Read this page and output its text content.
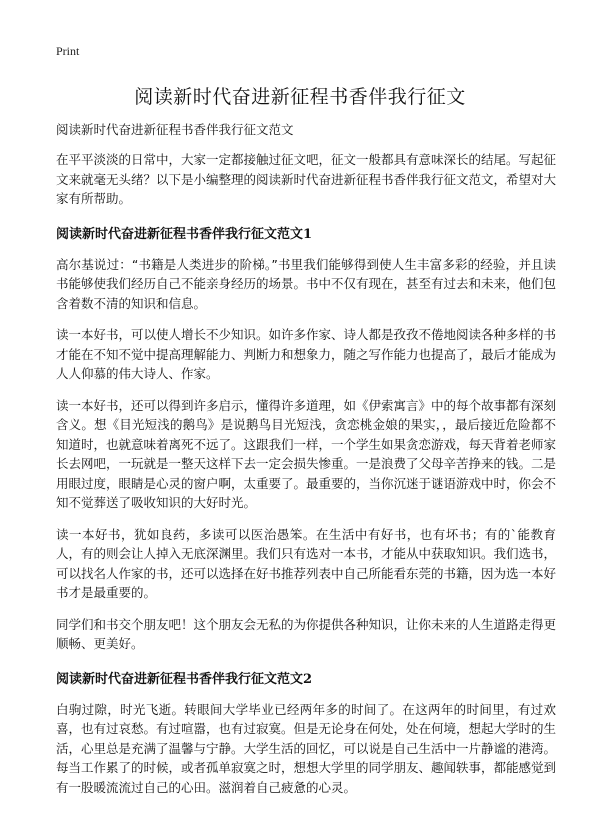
Print
阅读新时代奋进新征程书香伴我行征文
阅读新时代奋进新征程书香伴我行征文范文

在平平淡淡的日常中，大家一定都接触过征文吧，征文一般都具有意味深长的结尾。写起征文来就毫无头绪？以下是小编整理的阅读新时代奋进新征程书香伴我行征文范文，希望对大家有所帮助。

阅读新时代奋进新征程书香伴我行征文范文1

高尔基说过：“书籍是人类进步的阶梯。”书里我们能够得到使人生丰富多彩的经验，并且读书能够使我们经历自己不能亲身经历的场景。书中不仅有现在，甚至有过去和未来，他们包含着数不清的知识和信息。

读一本好书，可以使人增长不少知识。如许多作家、诗人都是孜孜不倦地阅读各种多样的书才能在不知不觉中提高理解能力、判断力和想象力，随之写作能力也提高了，最后才能成为人人仰慕的伟大诗人、作家。

读一本好书，还可以得到许多启示，懂得许多道理，如《伊索寓言》中的每个故事都有深刻含义。想《目光短浅的鹅鸟》是说鹅鸟目光短浅，贪恋桃金娘的果实，，最后接近危险都不知道时，也就意味着离死不远了。这跟我们一样，一个学生如果贪恋游戏，每天背着老师家长去网吧，一玩就是一整天这样下去一定会损失惨重。一是浪费了父母辛苦挣来的钱。二是用眼过度，眼睛是心灵的窗户啊，太重要了。最重要的，当你沉迷于谜语游戏中时，你会不知不觉葬送了吸收知识的大好时光。

读一本好书，犹如良药，多读可以医治愚笨。在生活中有好书，也有坏书；有的`能教育人，有的则会让人掉入无底深渊里。我们只有选对一本书，才能从中获取知识。我们选书，可以找名人作家的书，还可以选择在好书推荐列表中自己所能看东莞的书籍，因为选一本好书才是最重要的。

同学们和书交个朋友吧！这个朋友会无私的为你提供各种知识，让你未来的人生道路走得更顺畅、更美好。

阅读新时代奋进新征程书香伴我行征文范文2

白驹过隙，时光飞逝。转眼间大学毕业已经两年多的时间了。在这两年的时间里，有过欢喜，也有过哀愁。有过喧嚣，也有过寂寞。但是无论身在何处，处在何境，想起大学时的生活，心里总是充满了温馨与宁静。大学生活的回忆，可以说是自己生活中一片静谧的港湾。每当工作累了的时候，或者孤单寂寞之时，想想大学里的同学朋友、趣闻轶事，都能感觉到有一股暖流流过自己的心田。滋润着自己疲惫的心灵。
